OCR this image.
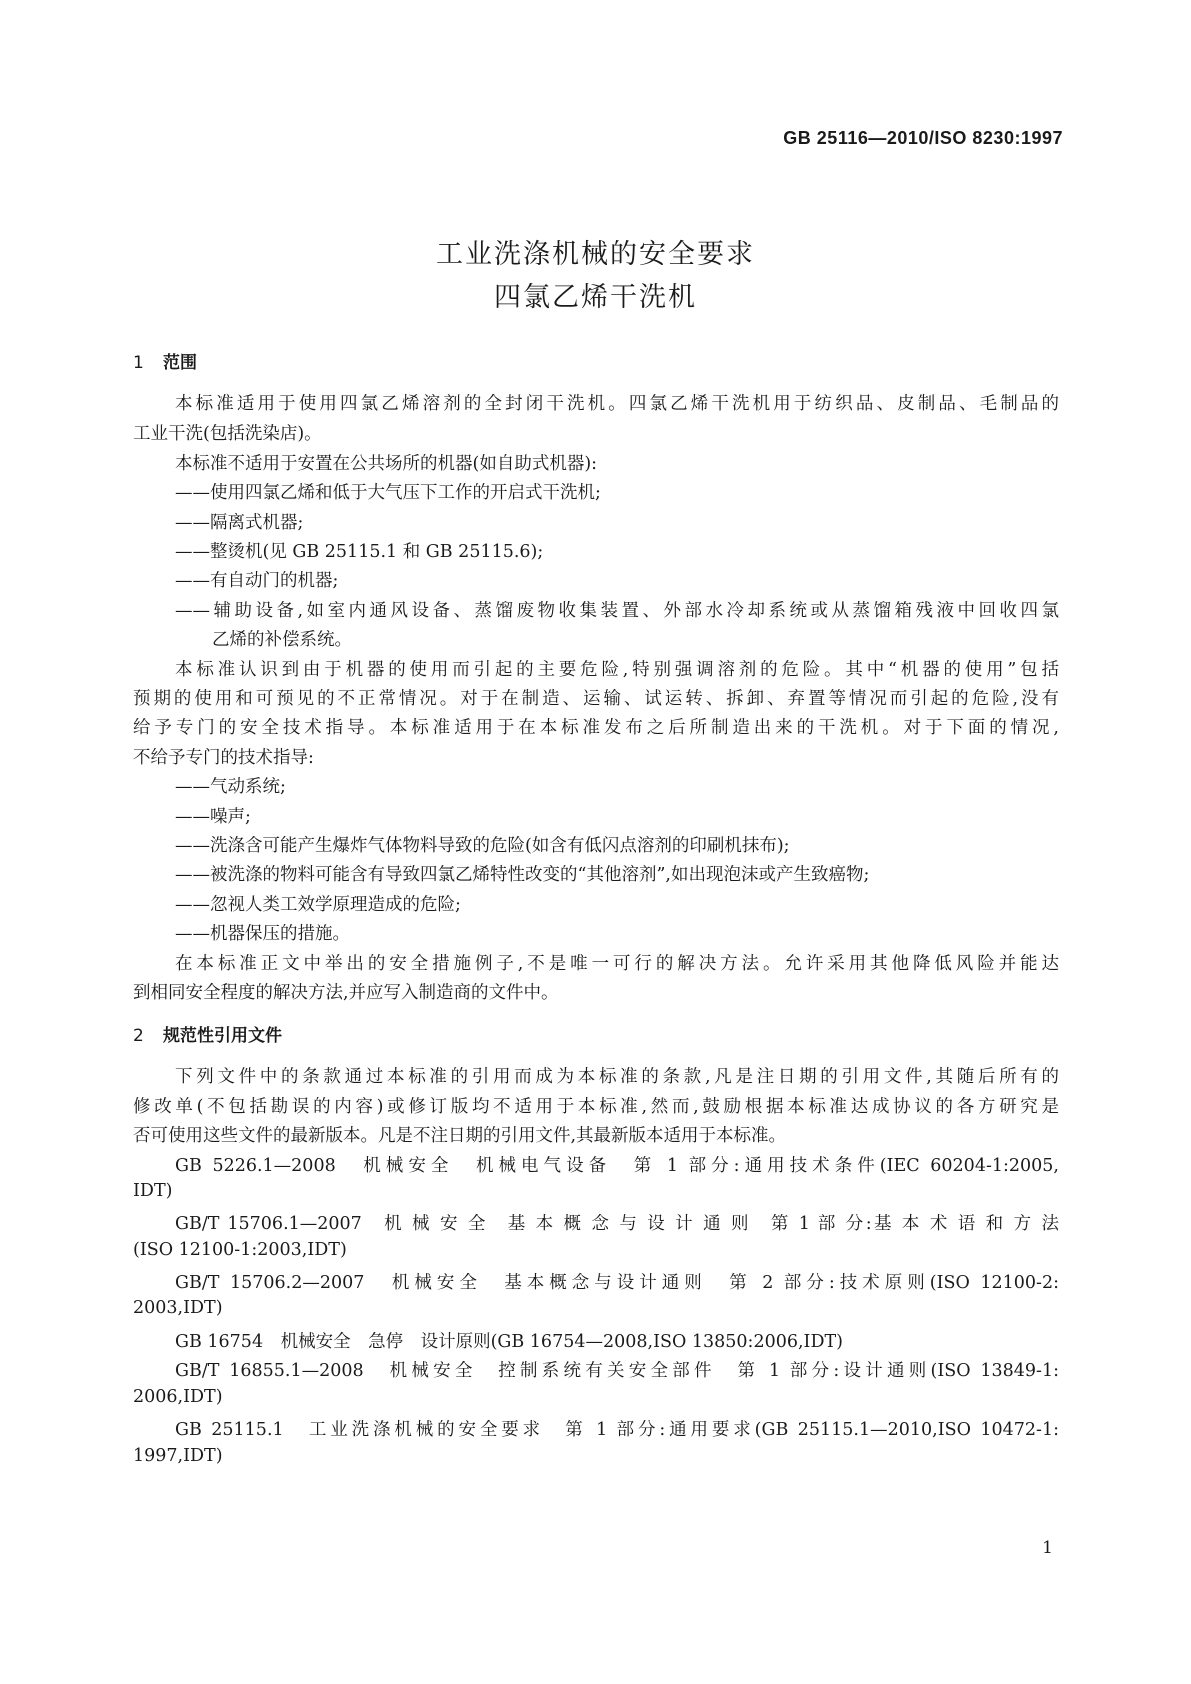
GB 25116—2010/ISO 8230:1997
工业洗涤机械的安全要求
四氯乙烯干洗机
1 范围
本标准适用于使用四氯乙烯溶剂的全封闭干洗机。四氯乙烯干洗机用于纺织品、皮制品、毛制品的
工业干洗(包括洗染店)。
本标准不适用于安置在公共场所的机器(如自助式机器):
——使用四氯乙烯和低于大气压下工作的开启式干洗机;
——隔离式机器;
——整烫机(见 GB 25115.1 和 GB 25115.6);
——有自动门的机器;
——辅助设备,如室内通风设备、蒸馏废物收集装置、外部水冷却系统或从蒸馏箱残液中回收四氯
乙烯的补偿系统。
本标准认识到由于机器的使用而引起的主要危险,特别强调溶剂的危险。其中“机器的使用”包括
预期的使用和可预见的不正常情况。对于在制造、运输、试运转、拆卸、弃置等情况而引起的危险,没有
给予专门的安全技术指导。本标准适用于在本标准发布之后所制造出来的干洗机。对于下面的情况,
不给予专门的技术指导:
——气动系统;
——噪声;
——洗涤含可能产生爆炸气体物料导致的危险(如含有低闪点溶剂的印刷机抹布);
——被洗涤的物料可能含有导致四氯乙烯特性改变的“其他溶剂”,如出现泡沫或产生致癌物;
——忽视人类工效学原理造成的危险;
——机器保压的措施。
在本标准正文中举出的安全措施例子,不是唯一可行的解决方法。允许采用其他降低风险并能达
到相同安全程度的解决方法,并应写入制造商的文件中。
2 规范性引用文件
下列文件中的条款通过本标准的引用而成为本标准的条款,凡是注日期的引用文件,其随后所有的
修改单(不包括勘误的内容)或修订版均不适用于本标准,然而,鼓励根据本标准达成协议的各方研究是
否可使用这些文件的最新版本。凡是不注日期的引用文件,其最新版本适用于本标准。
GB 5226.1—2008　机械安全　机械电气设备　第 1 部分:通用技术条件(IEC 60204-1:2005,
IDT)
GB/T 15706.1—2007　机 械 安 全　基 本 概 念 与 设 计 通 则　第 1 部 分:基 本 术 语 和 方 法
(ISO 12100-1:2003,IDT)
GB/T 15706.2—2007　机械安全　基本概念与设计通则　第 2 部分:技术原则(ISO 12100-2:
2003,IDT)
GB 16754　机械安全　急停　设计原则(GB 16754—2008,ISO 13850:2006,IDT)
GB/T 16855.1—2008　机械安全　控制系统有关安全部件　第 1 部分:设计通则(ISO 13849-1:
2006,IDT)
GB 25115.1　工业洗涤机械的安全要求　第 1 部分:通用要求(GB 25115.1—2010,ISO 10472-1:
1997,IDT)
1
